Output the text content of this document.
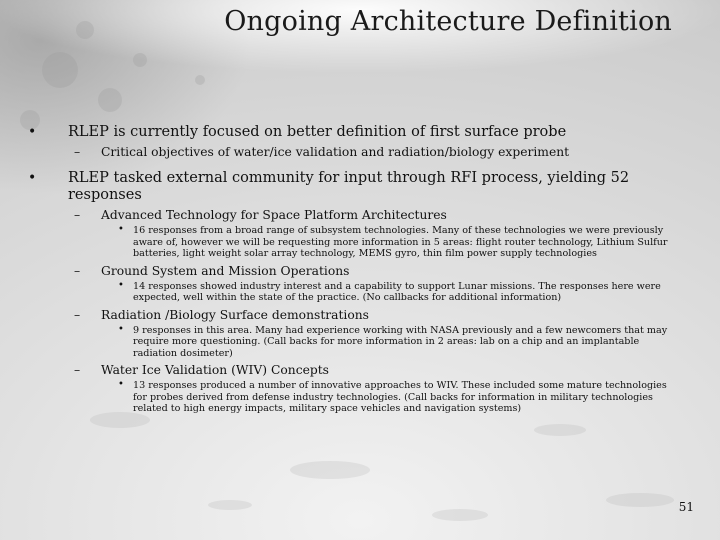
Ongoing Architecture Definition
• RLEP is currently focused on better definition of first surface probe
– Critical objectives of water/ice validation and radiation/biology experiment
• RLEP tasked external community for input through RFI process, yielding 52 responses
– Advanced Technology for Space Platform Architectures
• 16 responses from a broad range of subsystem technologies. Many of these technologies we were previously aware of, however we will be requesting more information in 5 areas: flight router technology, Lithium Sulfur batteries, light weight solar array technology, MEMS gyro, thin film power supply technologies
– Ground System and Mission Operations
• 14 responses showed industry interest and a capability to support Lunar missions. The responses here were expected, well within the state of the practice. (No callbacks for additional information)
– Radiation /Biology Surface demonstrations
• 9 responses in this area. Many had experience working with NASA previously and a few newcomers that may require more questioning. (Call backs for more information in 2 areas: lab on a chip and an implantable radiation dosimeter)
– Water Ice Validation (WIV) Concepts
• 13 responses produced a number of innovative approaches to WIV. These included some mature technologies for probes derived from defense industry technologies. (Call backs for information in military technologies related to high energy impacts, military space vehicles and navigation systems)
51
